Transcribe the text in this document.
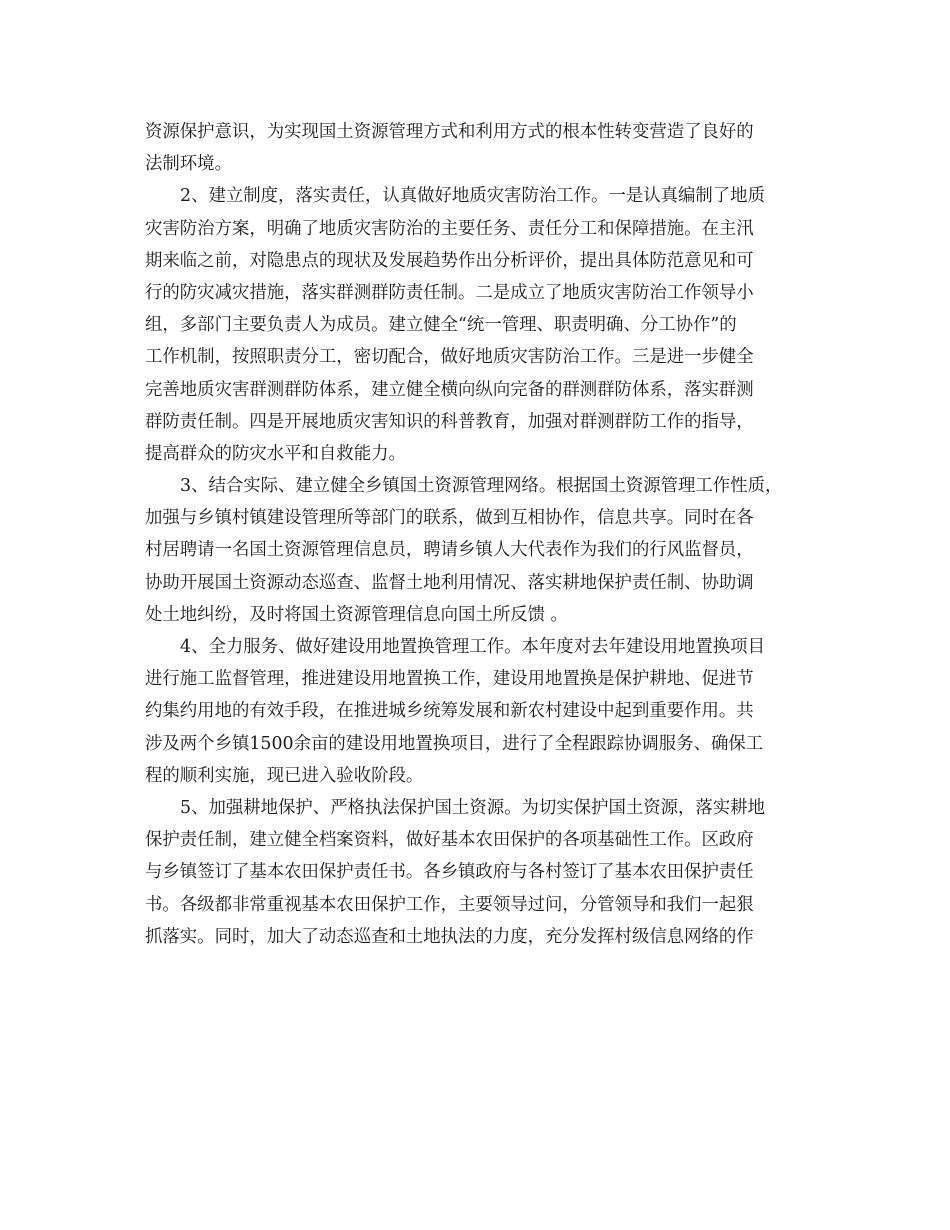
资源保护意识，为实现国土资源管理方式和利用方式的根本性转变营造了良好的
法制环境。
2、建立制度，落实责任，认真做好地质灾害防治工作。一是认真编制了地质
灾害防治方案，明确了地质灾害防治的主要任务、责任分工和保障措施。在主汛
期来临之前，对隐患点的现状及发展趋势作出分析评价，提出具体防范意见和可
行的防灾减灾措施，落实群测群防责任制。二是成立了地质灾害防治工作领导小
组，多部门主要负责人为成员。建立健全“统一管理、职责明确、分工协作”的
工作机制，按照职责分工，密切配合，做好地质灾害防治工作。三是进一步健全
完善地质灾害群测群防体系，建立健全横向纵向完备的群测群防体系，落实群测
群防责任制。四是开展地质灾害知识的科普教育，加强对群测群防工作的指导，
提高群众的防灾水平和自救能力。
3、结合实际、建立健全乡镇国土资源管理网络。根据国土资源管理工作性质，
加强与乡镇村镇建设管理所等部门的联系，做到互相协作，信息共享。同时在各
村居聘请一名国土资源管理信息员，聘请乡镇人大代表作为我们的行风监督员，
协助开展国土资源动态巡查、监督土地利用情况、落实耕地保护责任制、协助调
处土地纠纷，及时将国土资源管理信息向国土所反馈 。
4、全力服务、做好建设用地置换管理工作。本年度对去年建设用地置换项目
进行施工监督管理，推进建设用地置换工作，建设用地置换是保护耕地、促进节
约集约用地的有效手段，在推进城乡统筹发展和新农村建设中起到重要作用。共
涉及两个乡镇1500余亩的建设用地置换项目，进行了全程跟踪协调服务、确保工
程的顺利实施，现已进入验收阶段。
5、加强耕地保护、严格执法保护国土资源。为切实保护国土资源，落实耕地
保护责任制，建立健全档案资料，做好基本农田保护的各项基础性工作。区政府
与乡镇签订了基本农田保护责任书。各乡镇政府与各村签订了基本农田保护责任
书。各级都非常重视基本农田保护工作，主要领导过问，分管领导和我们一起狠
抓落实。同时，加大了动态巡查和土地执法的力度，充分发挥村级信息网络的作
